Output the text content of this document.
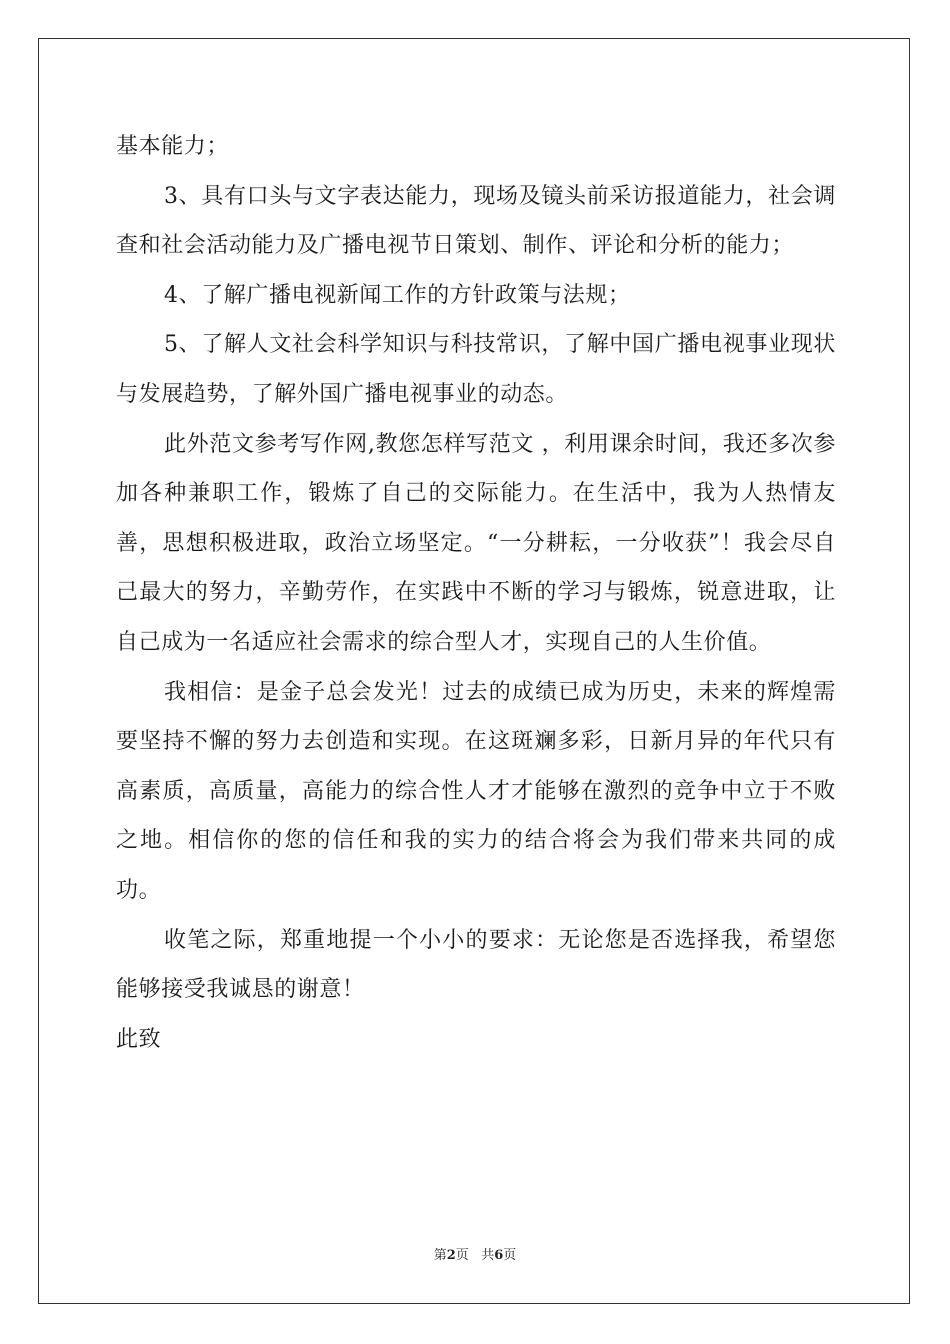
基本能力；

3、具有口头与文字表达能力，现场及镜头前采访报道能力，社会调查和社会活动能力及广播电视节日策划、制作、评论和分析的能力；

4、了解广播电视新闻工作的方针政策与法规；

5、了解人文社会科学知识与科技常识，了解中国广播电视事业现状与发展趋势，了解外国广播电视事业的动态。

此外范文参考写作网,教您怎样写范文 ，利用课余时间，我还多次参加各种兼职工作，锻炼了自己的交际能力。在生活中，我为人热情友善，思想积极进取，政治立场坚定。“一分耕耘，一分收获”！我会尽自己最大的努力，辛勤劳作，在实践中不断的学习与锻炼，锐意进取，让自己成为一名适应社会需求的综合型人才，实现自己的人生价值。

我相信：是金子总会发光！过去的成绩已成为历史，未来的辉煌需要坚持不懈的努力去创造和实现。在这斑斓多彩，日新月异的年代只有高素质，高质量，高能力的综合性人才才能够在激烈的竞争中立于不败之地。相信你的您的信任和我的实力的结合将会为我们带来共同的成功。

收笔之际，郑重地提一个小小的要求：无论您是否选择我，希望您能够接受我诚恳的谢意！

此致

第2页 共6页
